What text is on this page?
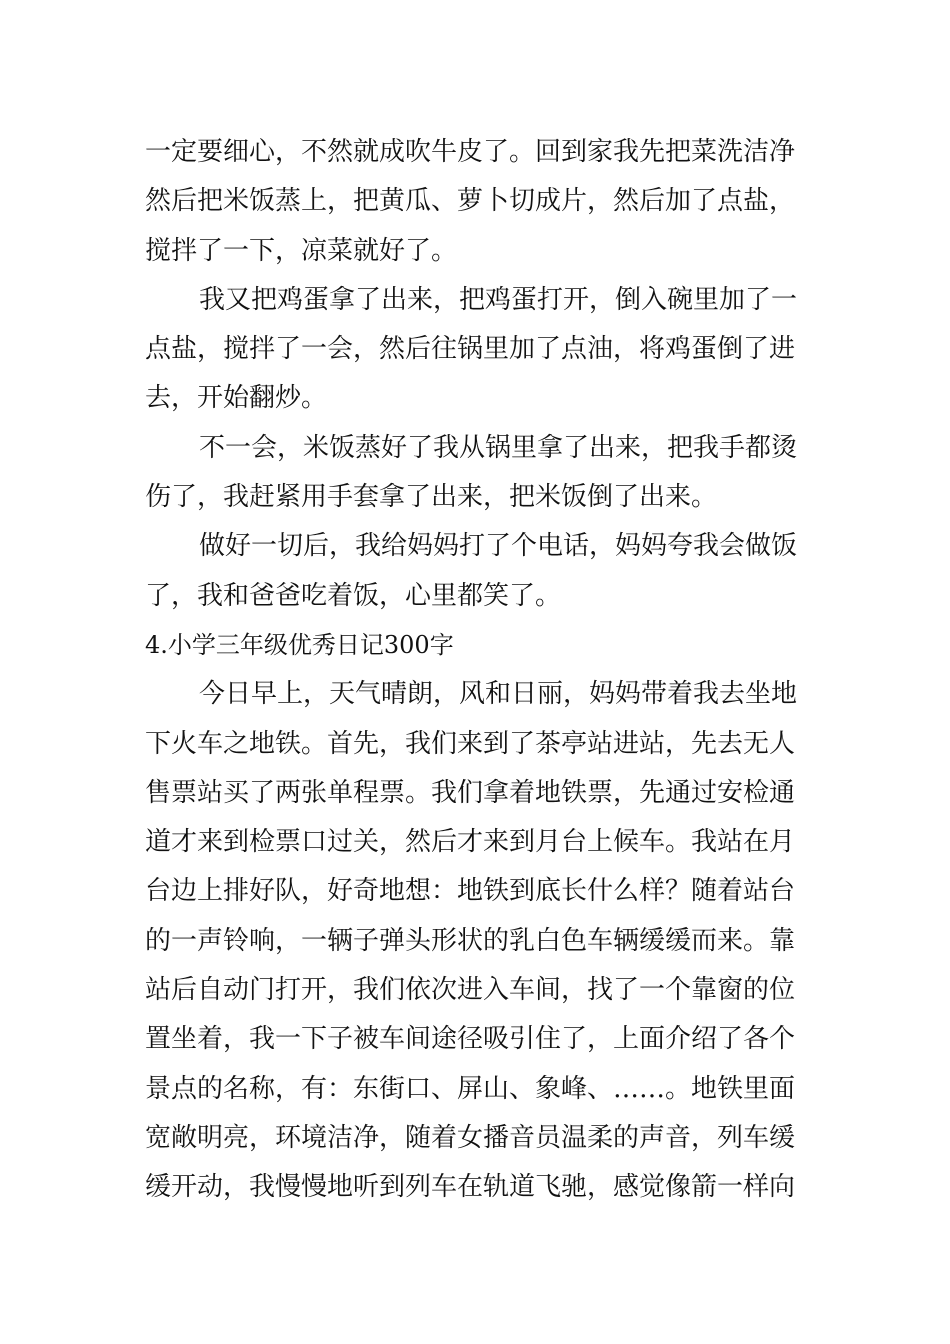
一定要细心，不然就成吹牛皮了。回到家我先把菜洗洁净
然后把米饭蒸上，把黄瓜、萝卜切成片，然后加了点盐，
搅拌了一下，凉菜就好了。
我又把鸡蛋拿了出来，把鸡蛋打开，倒入碗里加了一
点盐，搅拌了一会，然后往锅里加了点油，将鸡蛋倒了进
去，开始翻炒。
不一会，米饭蒸好了我从锅里拿了出来，把我手都烫
伤了，我赶紧用手套拿了出来，把米饭倒了出来。
做好一切后，我给妈妈打了个电话，妈妈夸我会做饭
了，我和爸爸吃着饭，心里都笑了。
4.小学三年级优秀日记300字
今日早上，天气晴朗，风和日丽，妈妈带着我去坐地
下火车之地铁。首先，我们来到了茶亭站进站，先去无人
售票站买了两张单程票。我们拿着地铁票，先通过安检通
道才来到检票口过关，然后才来到月台上候车。我站在月
台边上排好队，好奇地想：地铁到底长什么样？随着站台
的一声铃响，一辆子弹头形状的乳白色车辆缓缓而来。靠
站后自动门打开，我们依次进入车间，找了一个靠窗的位
置坐着，我一下子被车间途径吸引住了，上面介绍了各个
景点的名称，有：东街口、屏山、象峰、……。地铁里面
宽敞明亮，环境洁净，随着女播音员温柔的声音，列车缓
缓开动，我慢慢地听到列车在轨道飞驰，感觉像箭一样向
